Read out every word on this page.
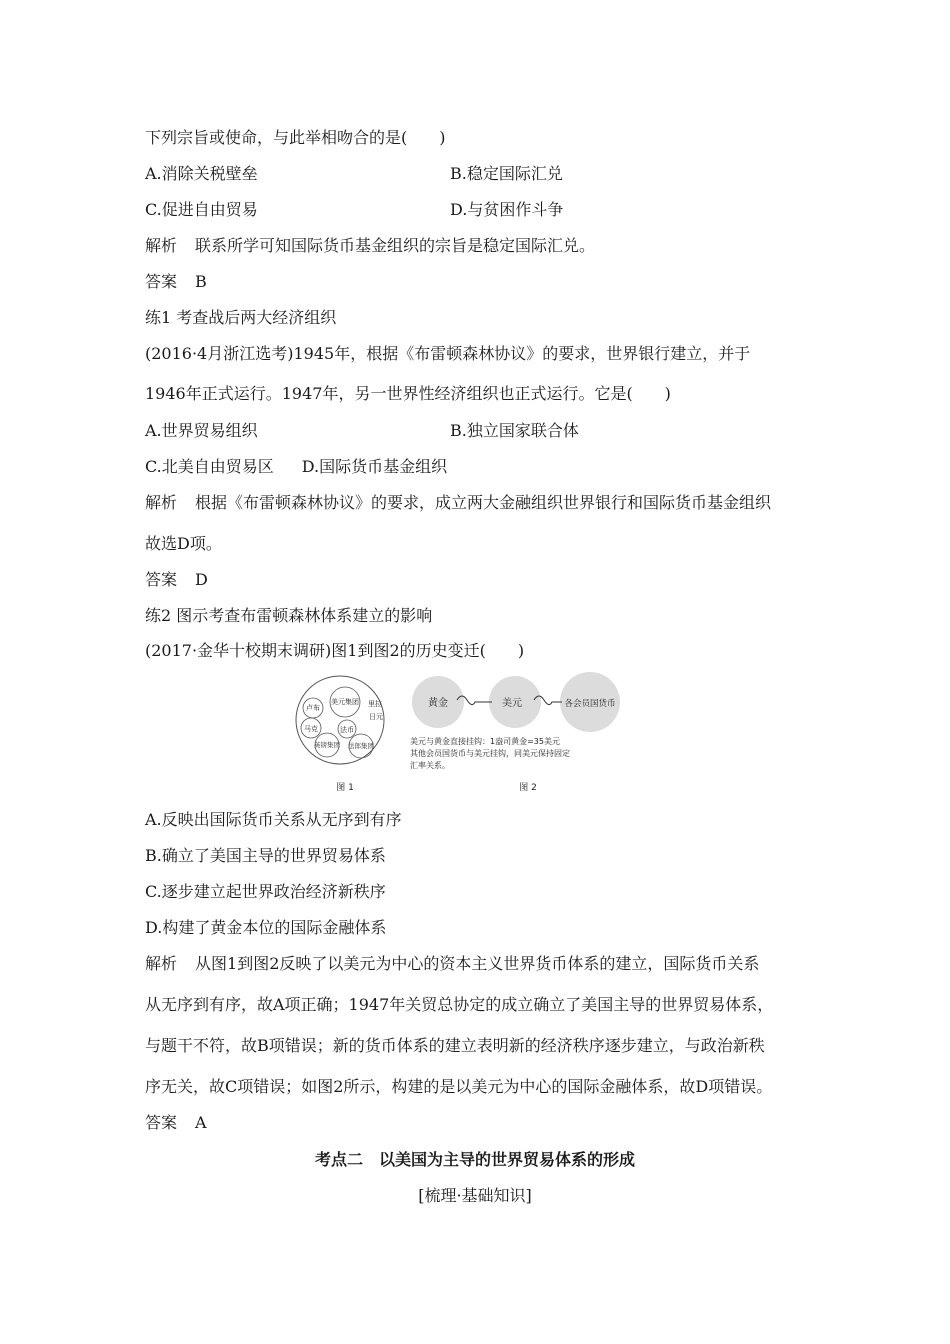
下列宗旨或使命，与此举相吻合的是(　　)
A.消除关税壁垒	B.稳定国际汇兑
C.促进自由贸易	D.与贫困作斗争
解析 联系所学可知国际货币基金组织的宗旨是稳定国际汇兑。
答案 B
练1 考查战后两大经济组织
(2016·4月浙江选考)1945年，根据《布雷顿森林协议》的要求，世界银行建立，并于
1946年正式运行。1947年，另一世界性经济组织也正式运行。它是(　　)
A.世界贸易组织	B.独立国家联合体
C.北美自由贸易区 D.国际货币基金组织
解析 根据《布雷顿森林协议》的要求，成立两大金融组织世界银行和国际货币基金组织
故选D项。
答案 D
练2 图示考查布雷顿森林体系建立的影响
(2017·金华十校期末调研)图1到图2的历史变迁(　　)
卢布
美元集团 里拉
日元
马克	法币
英镑集团 法郎集团
图 1
黄金	美元	各会员国货币
美元与黄金直接挂钩：1盎司黄金=35美元
其他会员国货币与美元挂钩，同美元保持固定
汇率关系。
图 2
A.反映出国际货币关系从无序到有序
B.确立了美国主导的世界贸易体系
C.逐步建立起世界政治经济新秩序
D.构建了黄金本位的国际金融体系
解析 从图1到图2反映了以美元为中心的资本主义世界货币体系的建立，国际货币关系
从无序到有序，故A项正确；1947年关贸总协定的成立确立了美国主导的世界贸易体系，
与题干不符，故B项错误；新的货币体系的建立表明新的经济秩序逐步建立，与政治新秩
序无关，故C项错误；如图2所示，构建的是以美元为中心的国际金融体系，故D项错误。
答案 A
考点二　以美国为主导的世界贸易体系的形成
[梳理·基础知识]
